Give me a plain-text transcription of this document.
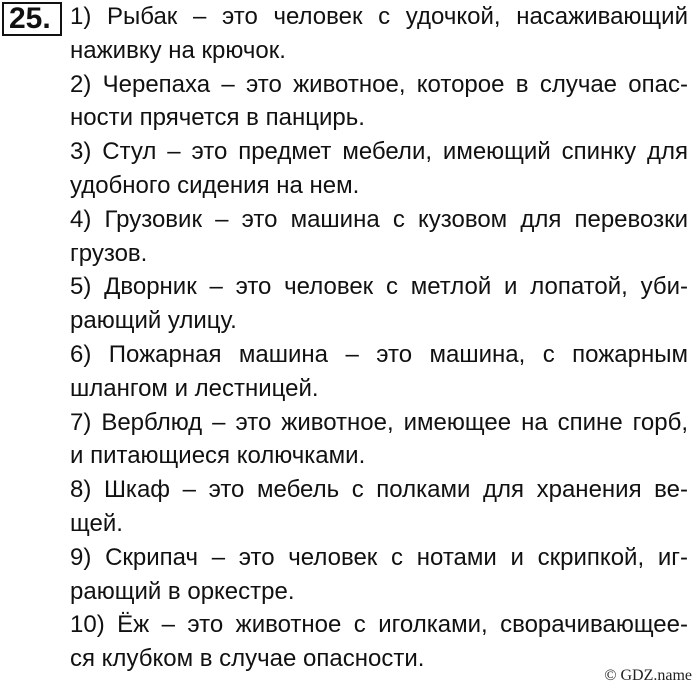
25. 1) Рыбак – это человек с удочкой, насаживающий
наживку на крючок.
2) Черепаха – это животное, которое в случае опас-
ности прячется в панцирь.
3) Стул – это предмет мебели, имеющий спинку для
удобного сидения на нем.
4) Грузовик – это машина с кузовом для перевозки
грузов.
5) Дворник – это человек с метлой и лопатой, уби-
рающий улицу.
6) Пожарная машина – это машина, с пожарным
шлангом и лестницей.
7) Верблюд – это животное, имеющее на спине горб,
и питающиеся колючками.
8) Шкаф – это мебель с полками для хранения ве-
щей.
9) Скрипач – это человек с нотами и скрипкой, иг-
рающий в оркестре.
10) Ёж – это животное с иголками, сворачивающее-
ся клубком в случае опасности.
© GDZ.name
